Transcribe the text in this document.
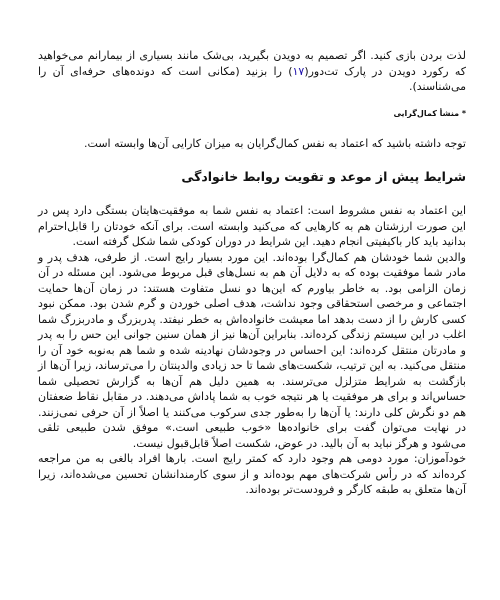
لذت بردن بازی کنید. اگر تصمیم به دویدن بگیرید، بی‌شک مانند بسیاری از بیمارانم می‌خواهید که رکورد دویدن در پارک تت‌دور(۱۷) را بزنید (مکانی است که دونده‌های حرفه‌ای آن را می‌شناسند).

* منشأ کمال‌گرایی

توجه داشته باشید که اعتماد به نفس کمال‌گرایان به میزان کارایی آن‌ها وابسته است.

شرایط پیش از موعد و تقویت روابط خانوادگی

این اعتماد به نفس مشروط است: اعتماد به نفس شما به موفقیت‌هایتان بستگی دارد پس در این صورت ارزشتان هم به کارهایی که می‌کنید وابسته است. برای آنکه خودتان را قابل‌احترام بدانید باید کار باکیفیتی انجام دهید. این شرایط در دوران کودکی شما شکل گرفته است.

والدین شما خودشان هم کمال‌گرا بوده‌اند. این مورد بسیار رایج است. از طرفی، هدف پدر و مادر شما موفقیت بوده که به دلایل آن هم به نسل‌های قبل مربوط می‌شود. این مسئله در آن زمان الزامی بود. به خاطر بیاورم که این‌ها دو نسل متفاوت هستند: در زمان آن‌ها حمایت اجتماعی و مرخصی استحقاقی وجود نداشت، هدف اصلی خوردن و گرم شدن بود. ممکن نبود کسی کارش را از دست بدهد اما معیشت خانواده‌اش به خطر نیفتد. پدربزرگ و مادربزرگ شما اغلب در این سیستم زندگی کرده‌اند. بنابراین آن‌ها نیز از همان سنین جوانی این حس را به پدر و مادرتان منتقل کرده‌اند: این احساس در وجودشان نهادینه شده و شما هم به‌نوبه خود آن را منتقل می‌کنید. به این ترتیب، شکست‌های شما تا حد زیادی والدینتان را می‌ترساند، زیرا آن‌ها از بازگشت به شرایط متزلزل می‌ترسند. به همین دلیل هم آن‌ها به گزارش تحصیلی شما حساس‌اند و برای هر موفقیت یا هر نتیجه خوب به شما پاداش می‌دهند. در مقابل نقاط ضعفتان هم دو نگرش کلی دارند: یا آن‌ها را به‌طور جدی سرکوب می‌کنند یا اصلاً از آن حرفی نمی‌زنند. در نهایت می‌توان گفت برای خانواده‌ها «خوب طبیعی است.» موفق شدن طبیعی تلقی می‌شود و هرگز نباید به آن بالید. در عوض، شکست اصلاً قابل‌قبول نیست.

خودآموزان: مورد دومی هم وجود دارد که کمتر رایج است. بارها افراد بالغی به من مراجعه کرده‌اند که در رأس شرکت‌های مهم بوده‌اند و از سوی کارمندانشان تحسین می‌شده‌اند، زیرا آن‌ها متعلق به طبقه کارگر و فرودست‌تر بوده‌اند.
